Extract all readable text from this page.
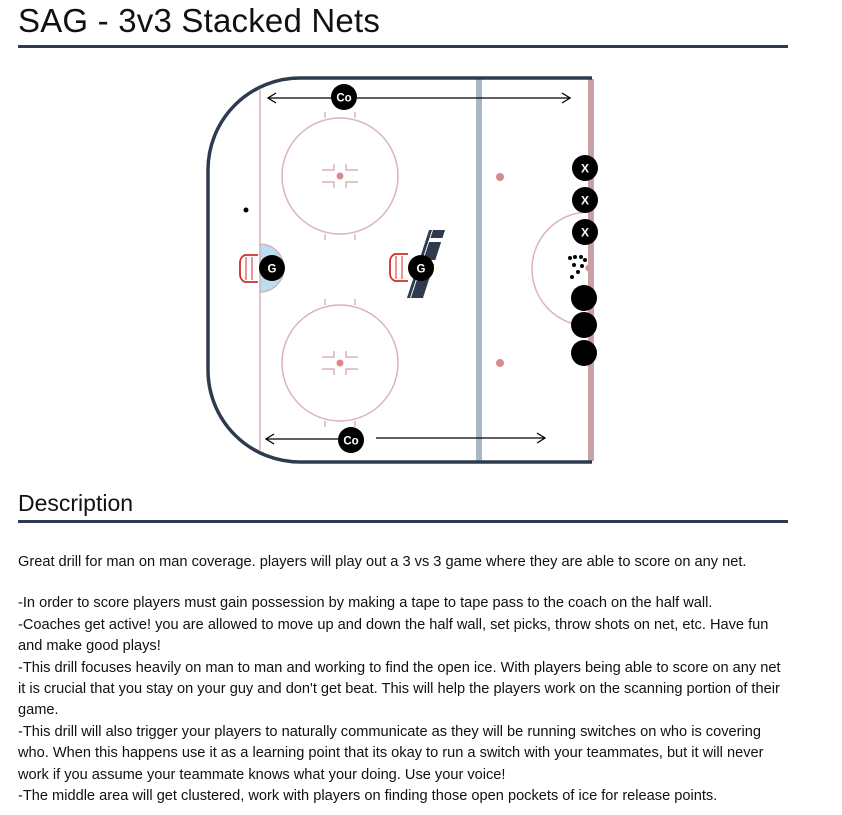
SAG - 3v3 Stacked Nets
Co
Co
G	G
X
X
X
Description

Great drill for man on man coverage. players will play out a 3 vs 3 game where they are able to score on any net.

-In order to score players must gain possession by making a tape to tape pass to the coach on the half wall.

-Coaches get active! you are allowed to move up and down the half wall, set picks, throw shots on net, etc. Have fun and make good plays!

-This drill focuses heavily on man to man and working to find the open ice. With players being able to score on any net it is crucial that you stay on your guy and don't get beat. This will help the players work on the scanning portion of their game.

-This drill will also trigger your players to naturally communicate as they will be running switches on who is covering who. When this happens use it as a learning point that its okay to run a switch with your teammates, but it will never work if you assume your teammate knows what your doing. Use your voice!

-The middle area will get clustered, work with players on finding those open pockets of ice for release points.
